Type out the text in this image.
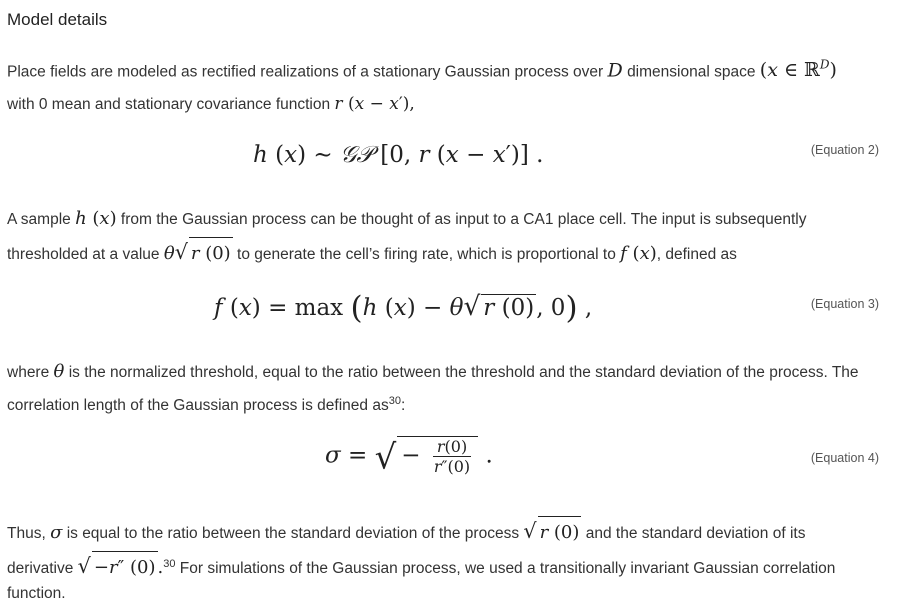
Model details
Place fields are modeled as rectified realizations of a stationary Gaussian process over D dimensional space (x ∈ ℝ$^D$)
with 0 mean and stationary covariance function r (x − x′),
h (x) ∼ 𝒢𝒫 [0, r (x − x′)] .	(Equation 2)
A sample h (x) from the Gaussian process can be thought of as input to a CA1 place cell. The input is subsequently
thresholded at a value θ√ r (0) to generate the cell’s firing rate, which is proportional to f (x), defined as
f (x) = max (h (x) − θ√ r (0), 0) ,	(Equation 3)
where θ is the normalized threshold, equal to the ratio between the threshold and the standard deviation of the process. The
correlation length of the Gaussian process is defined as$^{30}$:
σ = √ − $\frac{r(0)}{r''(0)}$ .	(Equation 4)
Thus, σ is equal to the ratio between the standard deviation of the process √ r (0) and the standard deviation of its
derivative √ −r″ (0) .$^{30}$ For simulations of the Gaussian process, we used a transitionally invariant Gaussian correlation
function.
